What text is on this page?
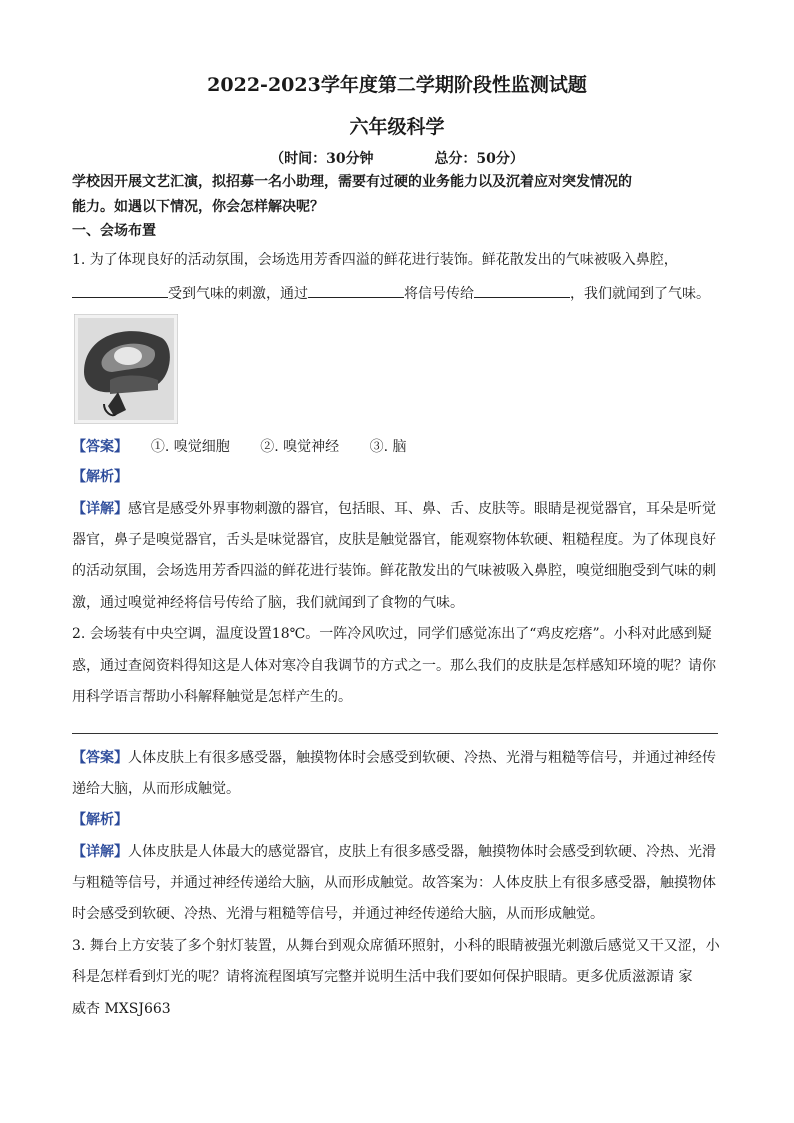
2022-2023学年度第二学期阶段性监测试题
六年级科学
（时间：30分钟	总分：50分）
学校因开展文艺汇演，拟招募一名小助理，需要有过硬的业务能力以及沉着应对突发情况的
能力。如遇以下情况，你会怎样解决呢？
一、会场布置
1. 为了体现良好的活动氛围，会场选用芳香四溢的鲜花进行装饰。鲜花散发出的气味被吸入鼻腔，
受到气味的刺激，通过	将信号传给	，我们就闻到了气味。
【答案】 ①. 嗅觉细胞 ②. 嗅觉神经 ③. 脑
【解析】
【详解】感官是感受外界事物刺激的器官，包括眼、耳、鼻、舌、皮肤等。眼睛是视觉器官，耳朵是听觉
器官，鼻子是嗅觉器官，舌头是味觉器官，皮肤是触觉器官，能观察物体软硬、粗糙程度。为了体现良好
的活动氛围，会场选用芳香四溢的鲜花进行装饰。鲜花散发出的气味被吸入鼻腔，嗅觉细胞受到气味的刺
激，通过嗅觉神经将信号传给了脑，我们就闻到了食物的气味。
2. 会场装有中央空调，温度设置18℃。一阵冷风吹过，同学们感觉冻出了“鸡皮疙瘩”。小科对此感到疑
惑，通过查阅资料得知这是人体对寒冷自我调节的方式之一。那么我们的皮肤是怎样感知环境的呢？请你
用科学语言帮助小科解释触觉是怎样产生的。
【答案】人体皮肤上有很多感受器，触摸物体时会感受到软硬、冷热、光滑与粗糙等信号，并通过神经传
递给大脑，从而形成触觉。
【解析】
【详解】人体皮肤是人体最大的感觉器官，皮肤上有很多感受器，触摸物体时会感受到软硬、冷热、光滑
与粗糙等信号，并通过神经传递给大脑，从而形成触觉。故答案为：人体皮肤上有很多感受器，触摸物体
时会感受到软硬、冷热、光滑与粗糙等信号，并通过神经传递给大脑，从而形成触觉。
3. 舞台上方安装了多个射灯装置，从舞台到观众席循环照射，小科的眼睛被强光刺激后感觉又干又涩，小
科是怎样看到灯光的呢？请将流程图填写完整并说明生活中我们要如何保护眼睛。更多优质滋源请 家
威杏 MXSJ663
